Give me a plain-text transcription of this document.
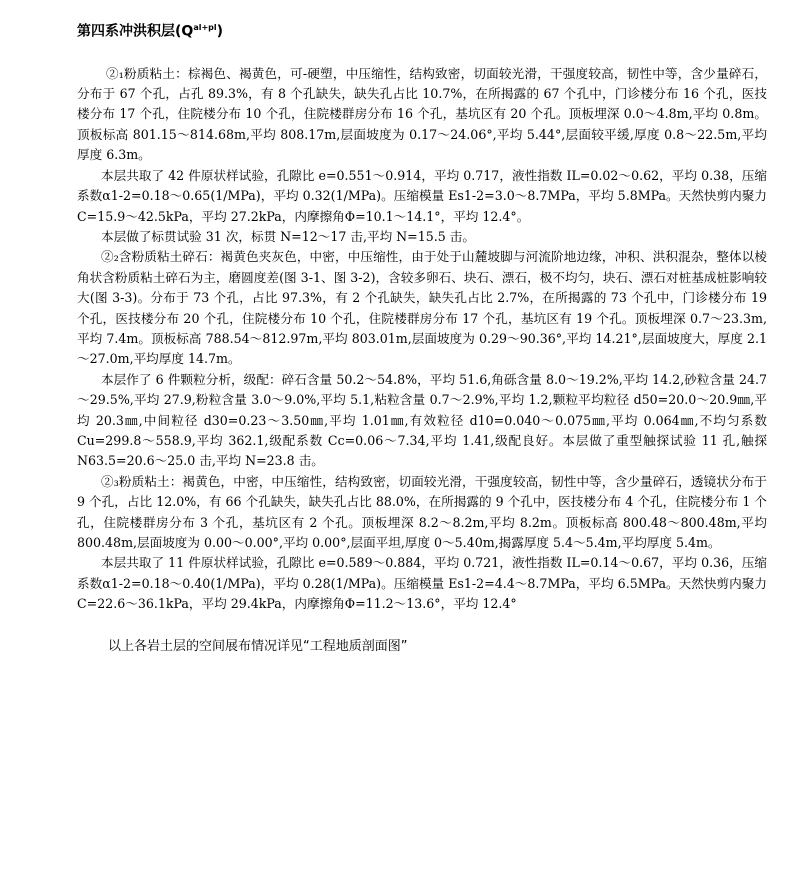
第四系冲洪积层$(Q^{al+pl})$

②₁粉质粘土：棕褐色、褐黄色，可-硬塑，中压缩性，结构致密，切面较光滑，干强度较高，韧性中等，含少量碎石，分布于 67 个孔，占孔 89.3%，有 8 个孔缺失，缺失孔占比 10.7%，在所揭露的 67 个孔中，门诊楼分布 16 个孔，医技楼分布 17 个孔，住院楼分布 10 个孔，住院楼群房分布 16 个孔，基坑区有 20 个孔。顶板埋深 0.0～4.8m,平均 0.8m。顶板标高 801.15～814.68m,平均 808.17m,层面坡度为 0.17～24.06°,平均 5.44°,层面较平缓,厚度 0.8～22.5m,平均厚度 6.3m。

本层共取了 42 件原状样试验，孔隙比 e=0.551～0.914，平均 0.717，液性指数 IL=0.02～0.62，平均 0.38，压缩系数α1-2=0.18～0.65(1/MPa)，平均 0.32(1/MPa)。压缩模量 Es1-2=3.0～8.7MPa，平均 5.8MPa。天然快剪内聚力 C=15.9～42.5kPa，平均 27.2kPa，内摩擦角Φ=10.1～14.1°，平均 12.4°。

本层做了标贯试验 31 次，标贯 N=12～17 击,平均 N=15.5 击。

②₂含粉质粘土碎石：褐黄色夹灰色，中密，中压缩性，由于处于山麓坡脚与河流阶地边缘，冲积、洪积混杂，整体以棱角状含粉质粘土碎石为主，磨圆度差(图 3-1、图 3-2)，含较多卵石、块石、漂石，极不均匀，块石、漂石对桩基成桩影响较大(图 3-3)。分布于 73 个孔，占比 97.3%，有 2 个孔缺失，缺失孔占比 2.7%，在所揭露的 73 个孔中，门诊楼分布 19 个孔，医技楼分布 20 个孔，住院楼分布 10 个孔，住院楼群房分布 17 个孔，基坑区有 19 个孔。顶板埋深 0.7～23.3m,平均 7.4m。顶板标高 788.54～812.97m,平均 803.01m,层面坡度为 0.29～90.36°,平均 14.21°,层面坡度大，厚度 2.1～27.0m,平均厚度 14.7m。

本层作了 6 件颗粒分析，级配：碎石含量 50.2～54.8%，平均 51.6,角砾含量 8.0～19.2%,平均 14.2,砂粒含量 24.7～29.5%,平均 27.9,粉粒含量 3.0～9.0%,平均 5.1,粘粒含量 0.7～2.9%,平均 1.2,颗粒平均粒径 d50=20.0～20.9㎜,平均 20.3㎜,中间粒径 d30=0.23～3.50㎜,平均 1.01㎜,有效粒径 d10=0.040～0.075㎜,平均 0.064㎜,不均匀系数 Cu=299.8～558.9,平均 362.1,级配系数 Cc=0.06～7.34,平均 1.41,级配良好。本层做了重型触探试验 11 孔,触探 N63.5=20.6～25.0 击,平均 N=23.8 击。

②₃粉质粘土：褐黄色，中密，中压缩性，结构致密，切面较光滑，干强度较高，韧性中等，含少量碎石，透镜状分布于 9 个孔，占比 12.0%，有 66 个孔缺失，缺失孔占比 88.0%，在所揭露的 9 个孔中，医技楼分布 4 个孔，住院楼分布 1 个孔，住院楼群房分布 3 个孔，基坑区有 2 个孔。顶板埋深 8.2～8.2m,平均 8.2m。顶板标高 800.48～800.48m,平均 800.48m,层面坡度为 0.00～0.00°,平均 0.00°,层面平坦,厚度 0～5.40m,揭露厚度 5.4～5.4m,平均厚度 5.4m。

本层共取了 11 件原状样试验，孔隙比 e=0.589～0.884，平均 0.721，液性指数 IL=0.14～0.67，平均 0.36，压缩系数α1-2=0.18～0.40(1/MPa)，平均 0.28(1/MPa)。压缩模量 Es1-2=4.4～8.7MPa，平均 6.5MPa。天然快剪内聚力 C=22.6～36.1kPa，平均 29.4kPa，内摩擦角Φ=11.2～13.6°，平均 12.4°

以上各岩土层的空间展布情况详见“工程地质剖面图”
